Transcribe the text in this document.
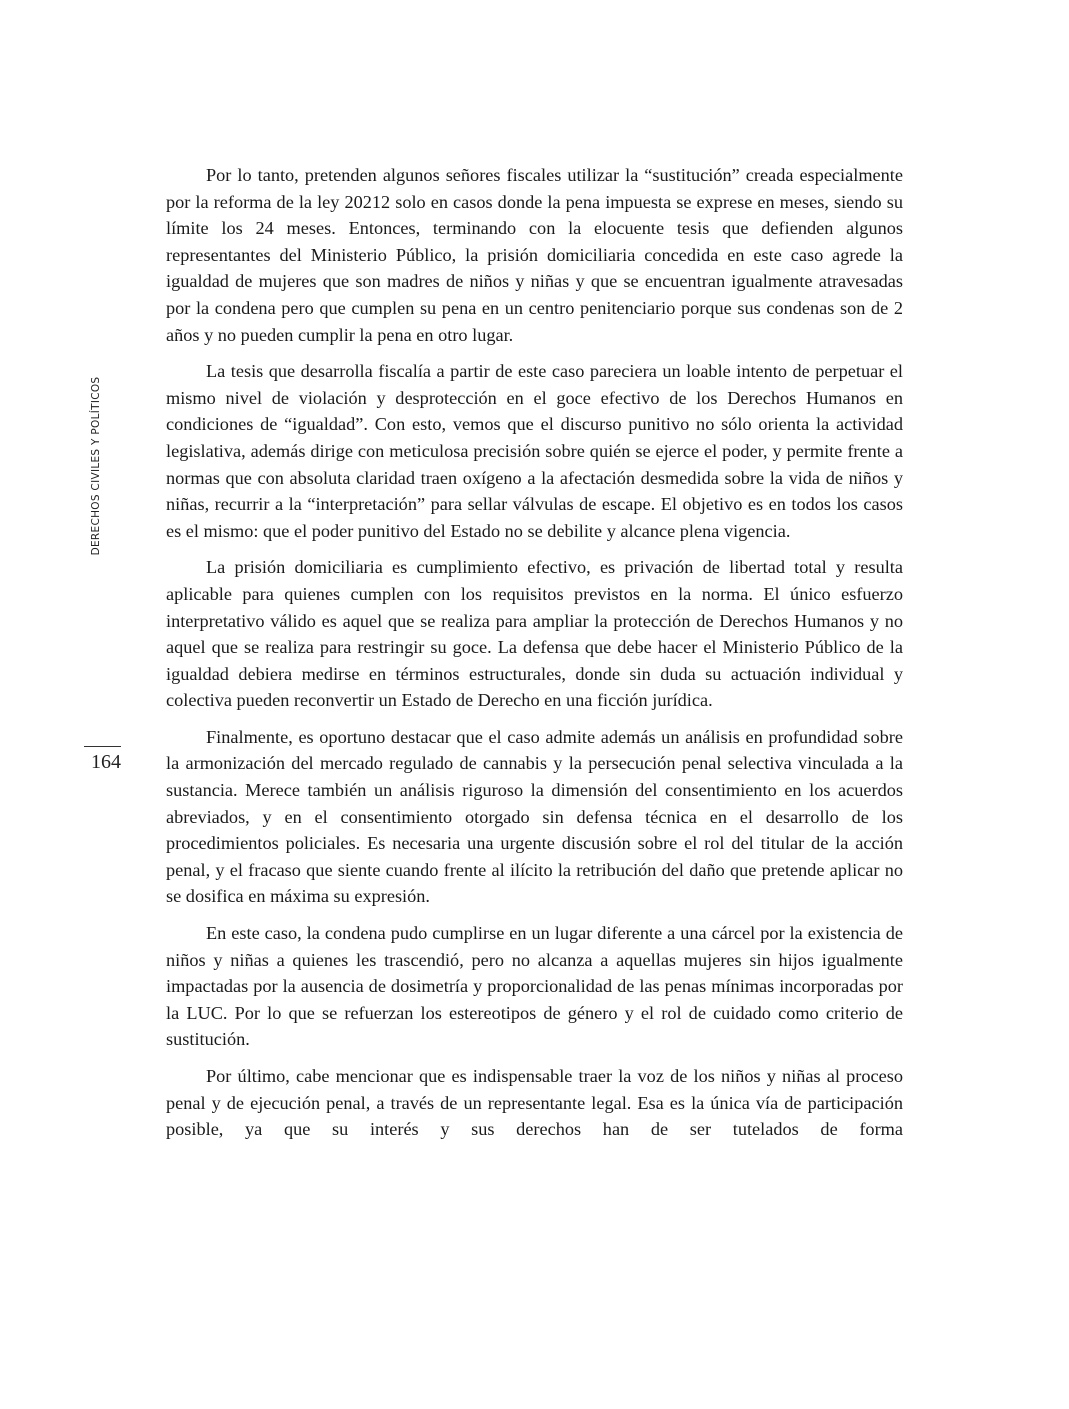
DERECHOS CIVILES Y POLÍTICOS
164

Por lo tanto, pretenden algunos señores fiscales utilizar la “sustitución” creada especialmente por la reforma de la ley 20212 solo en casos donde la pena impuesta se exprese en meses, siendo su límite los 24 meses. Entonces, terminando con la elocuente tesis que defienden algunos representantes del Ministerio Público, la prisión domiciliaria concedida en este caso agrede la igualdad de mujeres que son madres de niños y niñas y que se encuentran igualmente atravesadas por la condena pero que cumplen su pena en un centro penitenciario porque sus condenas son de 2 años y no pueden cumplir la pena en otro lugar.

La tesis que desarrolla fiscalía a partir de este caso pareciera un loable intento de perpetuar el mismo nivel de violación y desprotección en el goce efectivo de los Derechos Humanos en condiciones de “igualdad”. Con esto, vemos que el discurso punitivo no sólo orienta la actividad legislativa, además dirige con meticulosa precisión sobre quién se ejerce el poder, y permite frente a normas que con absoluta claridad traen oxígeno a la afectación desmedida sobre la vida de niños y niñas, recurrir a la “interpretación” para sellar válvulas de escape. El objetivo es en todos los casos es el mismo: que el poder punitivo del Estado no se debilite y alcance plena vigencia.

La prisión domiciliaria es cumplimiento efectivo, es privación de libertad total y resulta aplicable para quienes cumplen con los requisitos previstos en la norma. El único esfuerzo interpretativo válido es aquel que se realiza para ampliar la protección de Derechos Humanos y no aquel que se realiza para restringir su goce. La defensa que debe hacer el Ministerio Público de la igualdad debiera medirse en términos estructurales, donde sin duda su actuación individual y colectiva pueden reconvertir un Estado de Derecho en una ficción jurídica.

Finalmente, es oportuno destacar que el caso admite además un análisis en profundidad sobre la armonización del mercado regulado de cannabis y la persecución penal selectiva vinculada a la sustancia. Merece también un análisis riguroso la dimensión del consentimiento en los acuerdos abreviados, y en el consentimiento otorgado sin defensa técnica en el desarrollo de los procedimientos policiales. Es necesaria una urgente discusión sobre el rol del titular de la acción penal, y el fracaso que siente cuando frente al ilícito la retribución del daño que pretende aplicar no se dosifica en máxima su expresión.

En este caso, la condena pudo cumplirse en un lugar diferente a una cárcel por la existencia de niños y niñas a quienes les trascendió, pero no alcanza a aquellas mujeres sin hijos igualmente impactadas por la ausencia de dosimetría y proporcionalidad de las penas mínimas incorporadas por la LUC. Por lo que se refuerzan los estereotipos de género y el rol de cuidado como criterio de sustitución.

Por último, cabe mencionar que es indispensable traer la voz de los niños y niñas al proceso penal y de ejecución penal, a través de un representante legal. Esa es la única vía de participación posible, ya que su interés y sus derechos han de ser tutelados de forma
